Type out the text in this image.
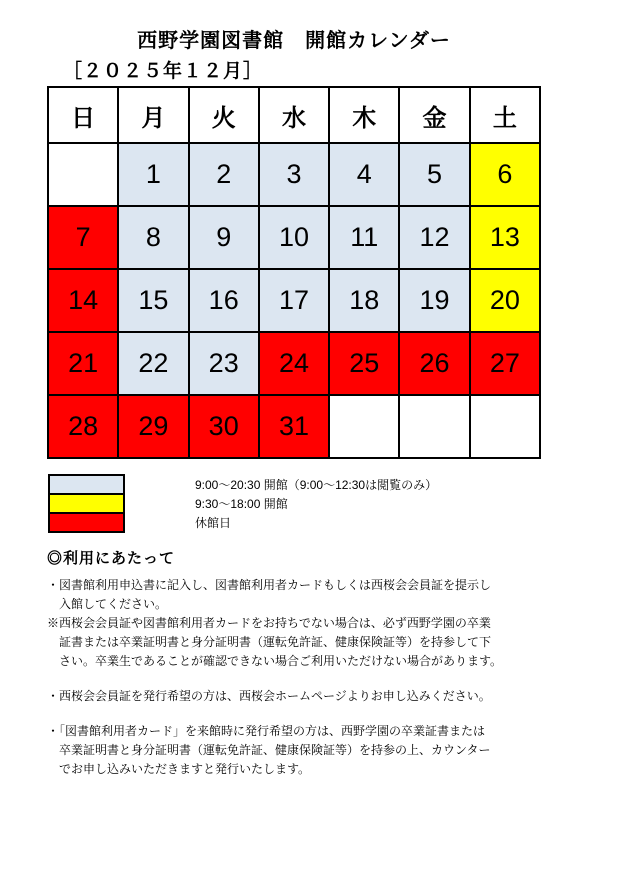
西野学園図書館　開館カレンダー
［２０２５年１２月］
日	月	火	水	木	金	土
	1	2	3	4	5	6
7	8	9	10	11	12	13
14	15	16	17	18	19	20
21	22	23	24	25	26	27
28	29	30	31			
9:00～20:30 開館（9:00～12:30は閲覧のみ）
9:30～18:00 開館
休館日
◎利用にあたって
・図書館利用申込書に記入し、図書館利用者カードもしくは西桜会会員証を提示し
　入館してください。
※西桜会会員証や図書館利用者カードをお持ちでない場合は、必ず西野学園の卒業
　証書または卒業証明書と身分証明書（運転免許証、健康保険証等）を持参して下
　さい。卒業生であることが確認できない場合ご利用いただけない場合があります。
・西桜会会員証を発行希望の方は、西桜会ホームページよりお申し込みください。
・「図書館利用者カード」を来館時に発行希望の方は、西野学園の卒業証書または
　卒業証明書と身分証明書（運転免許証、健康保険証等）を持参の上、カウンター
　でお申し込みいただきますと発行いたします。
